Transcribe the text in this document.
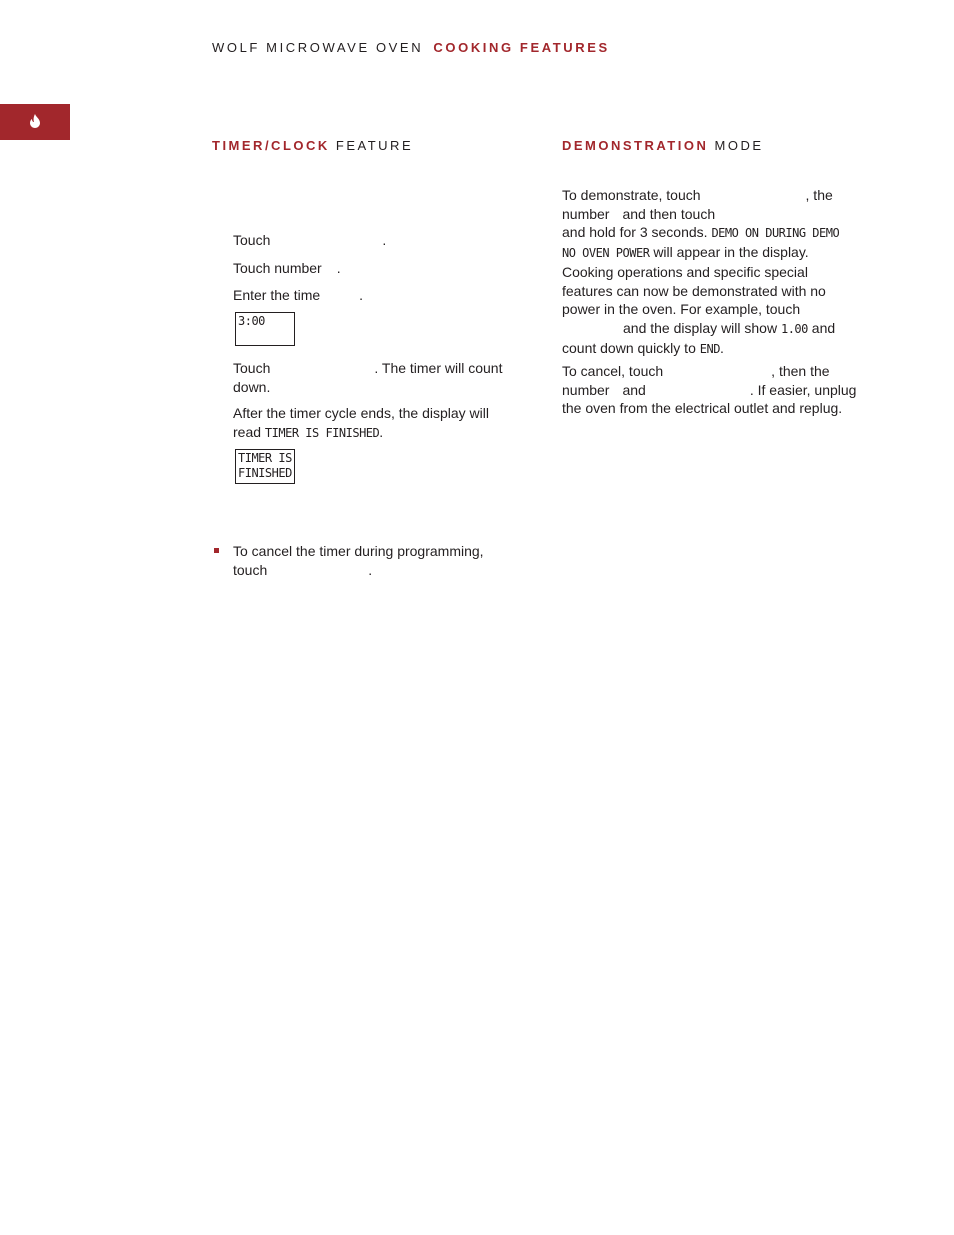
WOLF MICROWAVE OVEN COOKING FEATURES
TIMER/CLOCK FEATURE
Touch	.
Touch number .
Enter the time	.
3:00
Touch	. The timer will count
down.
After the timer cycle ends, the display will
read TIMER IS FINISHED.
TIMER IS
FINISHED
To cancel the timer during programming,
touch	.
DEMONSTRATION MODE
To demonstrate, touch	, the
number and then touch
and hold for 3 seconds. DEMO ON DURING DEMO
NO OVEN POWER will appear in the display.
Cooking operations and specific special
features can now be demonstrated with no
power in the oven. For example, touch
and the display will show 1.00 and
count down quickly to END.
To cancel, touch	, then the
number and	. If easier, unplug
the oven from the electrical outlet and replug.
